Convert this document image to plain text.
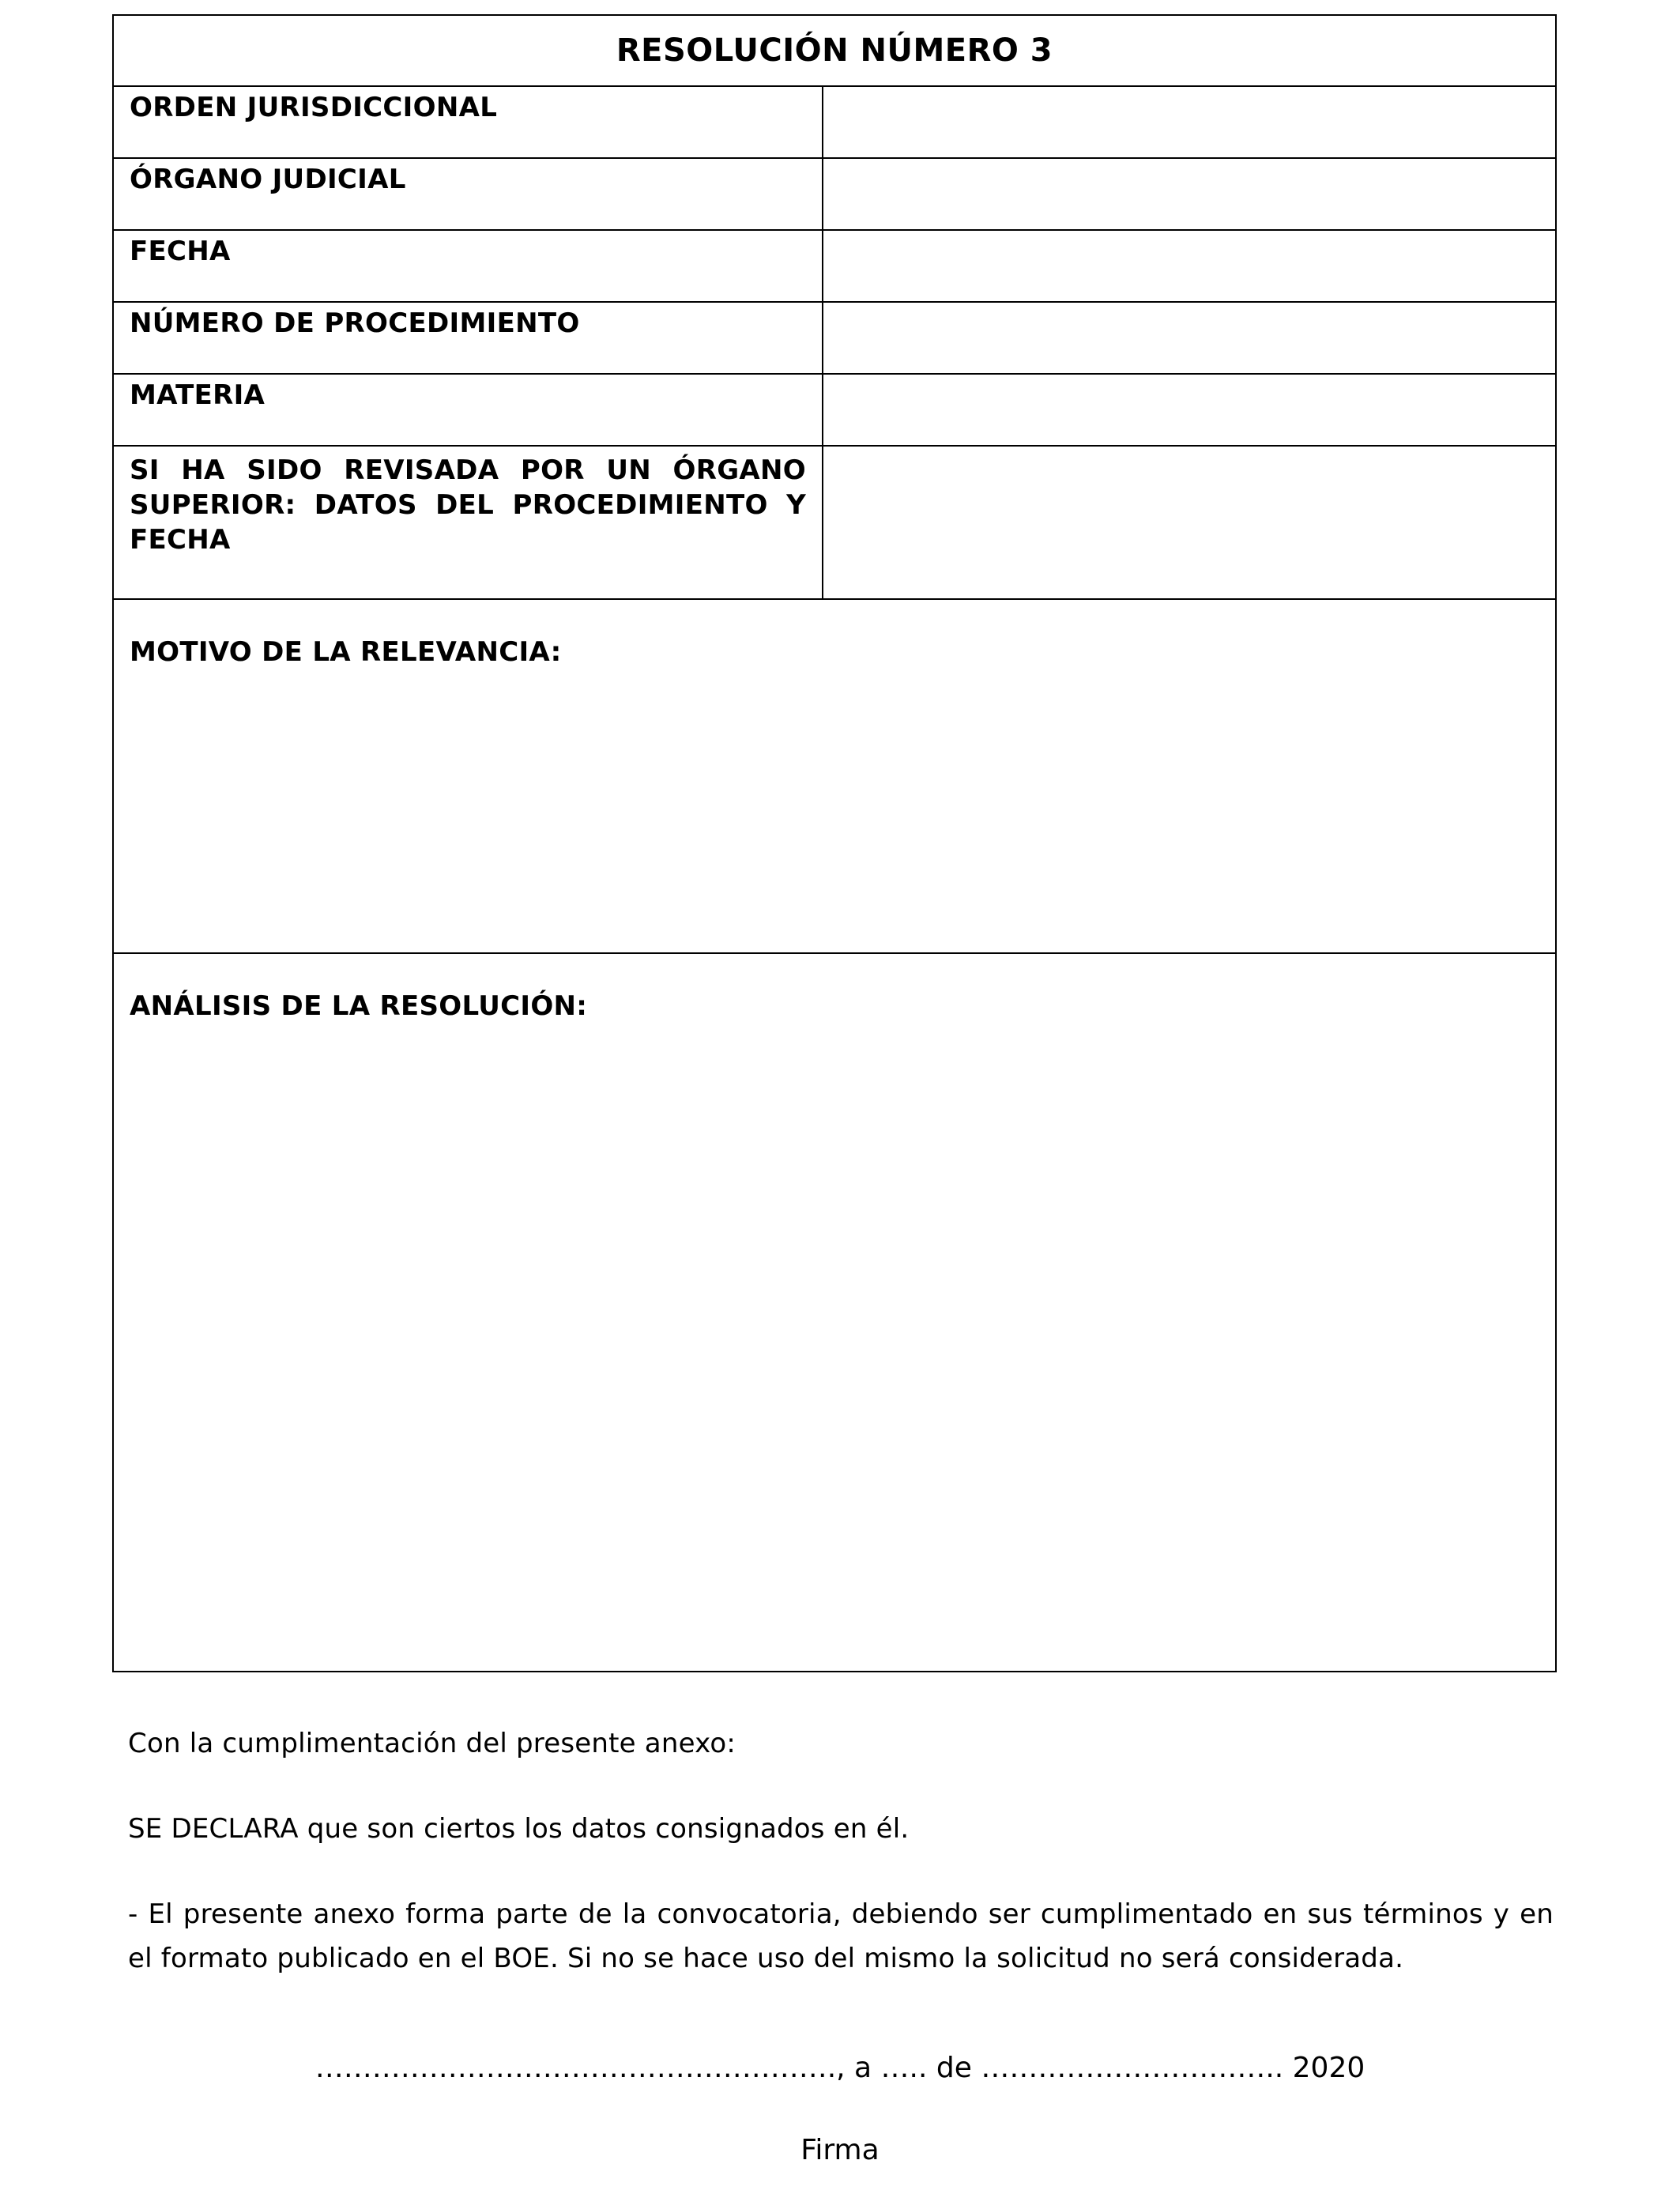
RESOLUCIÓN NÚMERO 3
ORDEN JURISDICCIONAL
ÓRGANO JUDICIAL
FECHA
NÚMERO DE PROCEDIMIENTO
MATERIA
SI HA SIDO REVISADA POR UN ÓRGANO SUPERIOR: DATOS DEL PROCEDIMIENTO Y FECHA
MOTIVO DE LA RELEVANCIA:
ANÁLISIS DE LA RESOLUCIÓN:
Con la cumplimentación del presente anexo:
SE DECLARA que son ciertos los datos consignados en él.
- El presente anexo forma parte de la convocatoria, debiendo ser cumplimentado en sus términos y en el formato publicado en el BOE. Si no se hace uso del mismo la solicitud no será considerada.
………………………………………………., a ….. de ………………………….. 2020
Firma
